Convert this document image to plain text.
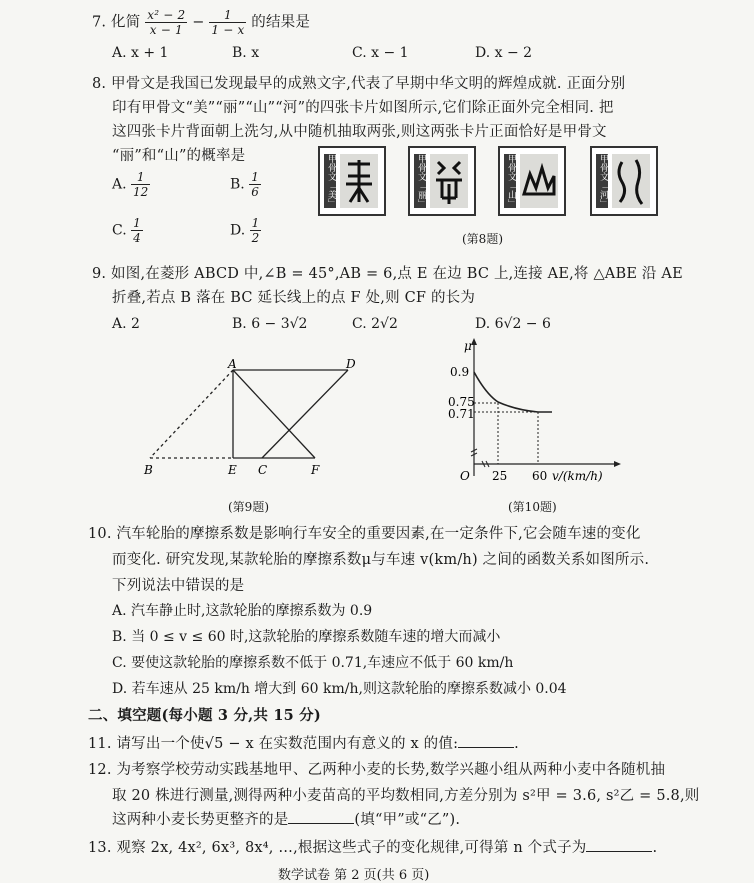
7. 化简 $\frac{\text{x² − 2}}{x - 1} - \frac{1}{1 - x}$ 的结果是
A. x + 1	B. x	C. x − 1	D. x − 2
8. 甲骨文是我国已发现最早的成熟文字,代表了早期中华文明的辉煌成就. 正面分别
印有甲骨文“美”“丽”“山”“河”的四张卡片如图所示,它们除正面外完全相同. 把
这四张卡片背面朝上洗匀,从中随机抽取两张,则这两张卡片正面恰好是甲骨文
“丽”和“山”的概率是
A. $\frac{1}{12}$	B. $\frac{1}{6}$
C. $\frac{1}{4}$	D. $\frac{1}{2}$
甲骨文「美」	甲骨文「丽」	甲骨文「山」	甲骨文「河」
(第8题)
9. 如图,在菱形 ABCD 中,∠B = 45°,AB = 6,点 E 在边 BC 上,连接 AE,将 △ABE 沿 AE
折叠,若点 B 落在 BC 延长线上的点 F 处,则 CF 的长为
A. 2	B. 6 − 3√2	C. 2√2	D. 6√2 − 6
A	D
B	E C	F
(第9题)
μ
0.9
0.75
0.71
O 25 60 v/(km/h)
(第10题)
10. 汽车轮胎的摩擦系数是影响行车安全的重要因素,在一定条件下,它会随车速的变化
而变化. 研究发现,某款轮胎的摩擦系数μ与车速 v(km/h) 之间的函数关系如图所示.
下列说法中错误的是
A. 汽车静止时,这款轮胎的摩擦系数为 0.9
B. 当 0 ≤ v ≤ 60 时,这款轮胎的摩擦系数随车速的增大而减小
C. 要使这款轮胎的摩擦系数不低于 0.71,车速应不低于 60 km/h
D. 若车速从 25 km/h 增大到 60 km/h,则这款轮胎的摩擦系数减小 0.04
二、填空题(每小题 3 分,共 15 分)
11. 请写出一个使√5 − x 在实数范围内有意义的 x 的值:	.
12. 为考察学校劳动实践基地甲、乙两种小麦的长势,数学兴趣小组从两种小麦中各随机抽
取 20 株进行测量,测得两种小麦苗高的平均数相同,方差分别为 s²甲 = 3.6, s²乙 = 5.8,则
这两种小麦长势更整齐的是	(填“甲”或“乙”).
13. 观察 2x, 4x², 6x³, 8x⁴, …,根据这些式子的变化规律,可得第 n 个式子为	.
数学试卷 第 2 页(共 6 页)
